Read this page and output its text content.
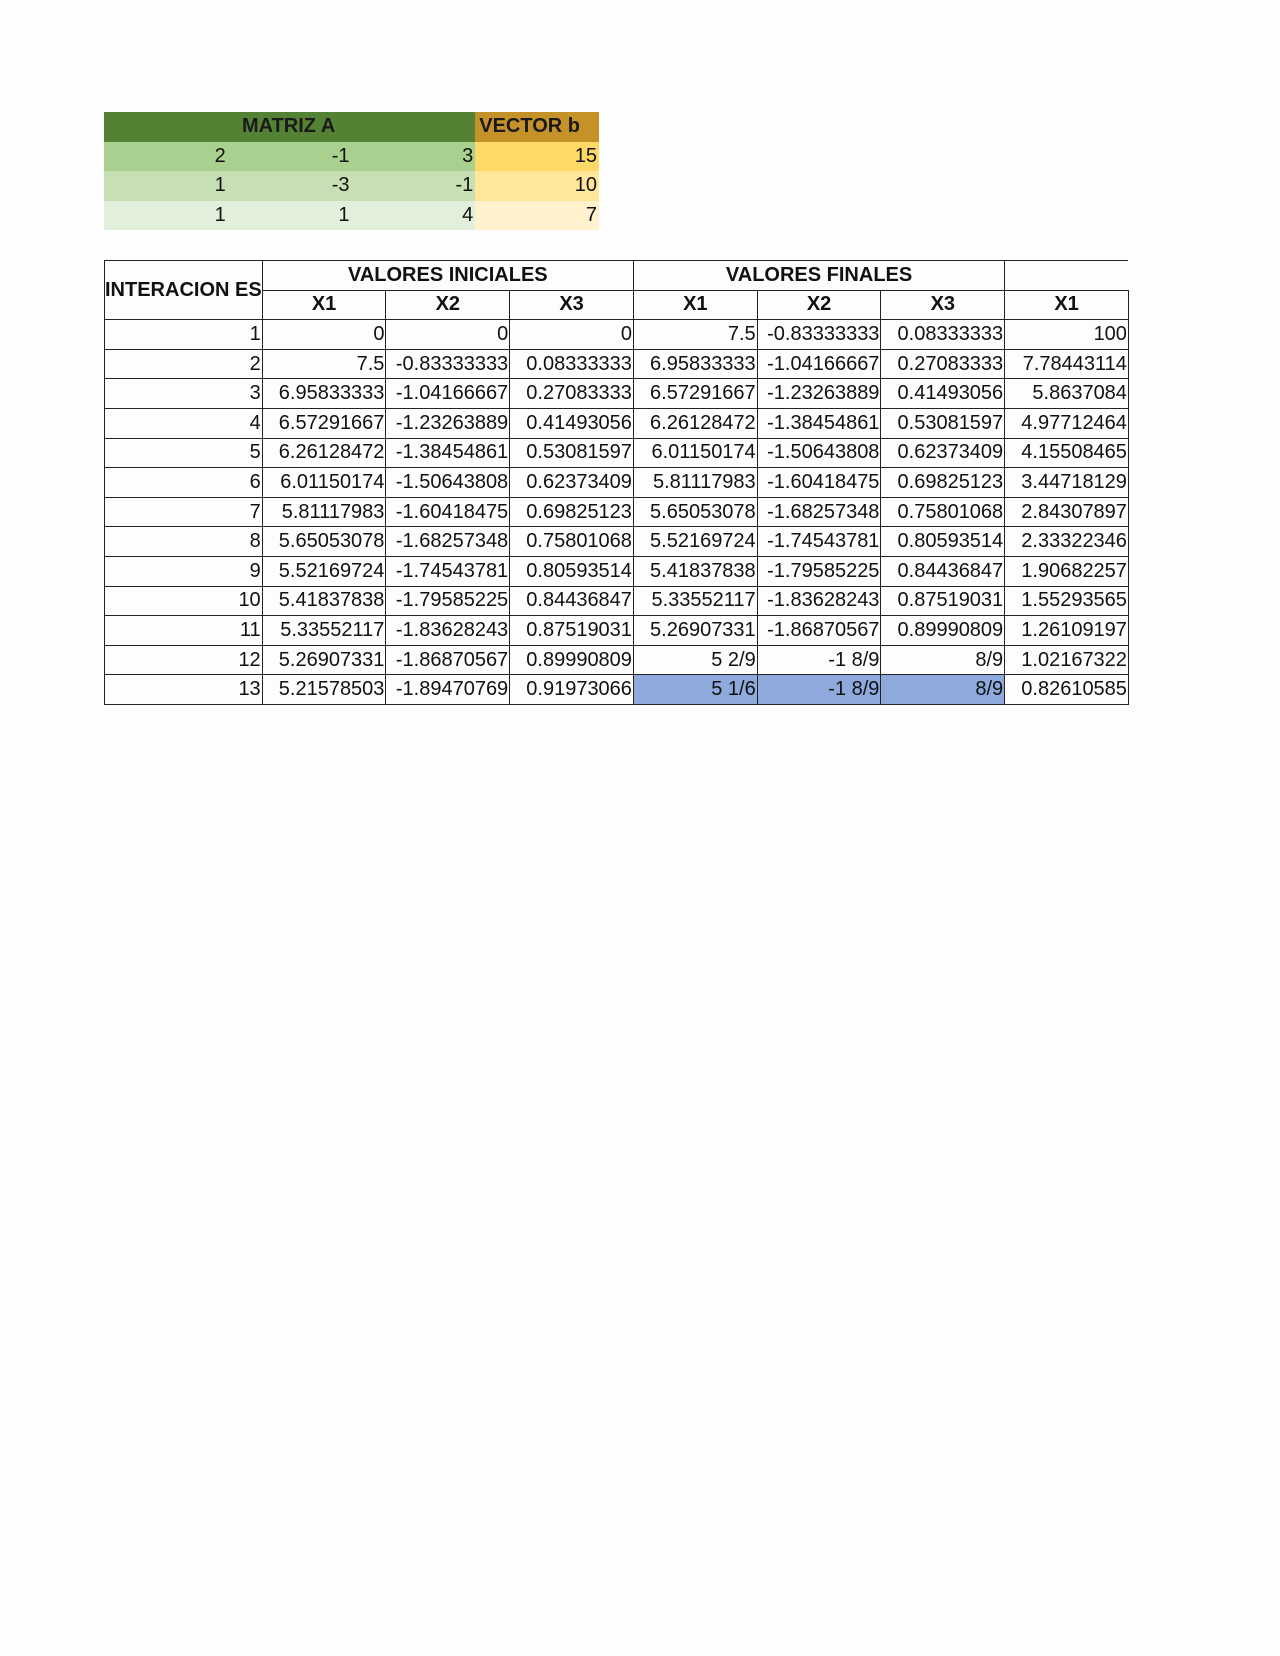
MATRIZ A			VECTOR b
2	-1	3	15
1	-3	-1	10
1	1	4	7
INTERACION ES	VALORES INICIALES			VALORES FINALES			
	X1	X2	X3	X1	X2	X3	X1
1	0	0	0	7.5	-0.83333333	0.08333333	100
2	7.5	-0.83333333	0.08333333	6.95833333	-1.04166667	0.27083333	7.78443114
3	6.95833333	-1.04166667	0.27083333	6.57291667	-1.23263889	0.41493056	5.8637084
4	6.57291667	-1.23263889	0.41493056	6.26128472	-1.38454861	0.53081597	4.97712464
5	6.26128472	-1.38454861	0.53081597	6.01150174	-1.50643808	0.62373409	4.15508465
6	6.01150174	-1.50643808	0.62373409	5.81117983	-1.60418475	0.69825123	3.44718129
7	5.81117983	-1.60418475	0.69825123	5.65053078	-1.68257348	0.75801068	2.84307897
8	5.65053078	-1.68257348	0.75801068	5.52169724	-1.74543781	0.80593514	2.33322346
9	5.52169724	-1.74543781	0.80593514	5.41837838	-1.79585225	0.84436847	1.90682257
10	5.41837838	-1.79585225	0.84436847	5.33552117	-1.83628243	0.87519031	1.55293565
11	5.33552117	-1.83628243	0.87519031	5.26907331	-1.86870567	0.89990809	1.26109197
12	5.26907331	-1.86870567	0.89990809	5 2/9	-1 8/9	8/9	1.02167322
13	5.21578503	-1.89470769	0.91973066	5 1/6	-1 8/9	8/9	0.82610585
